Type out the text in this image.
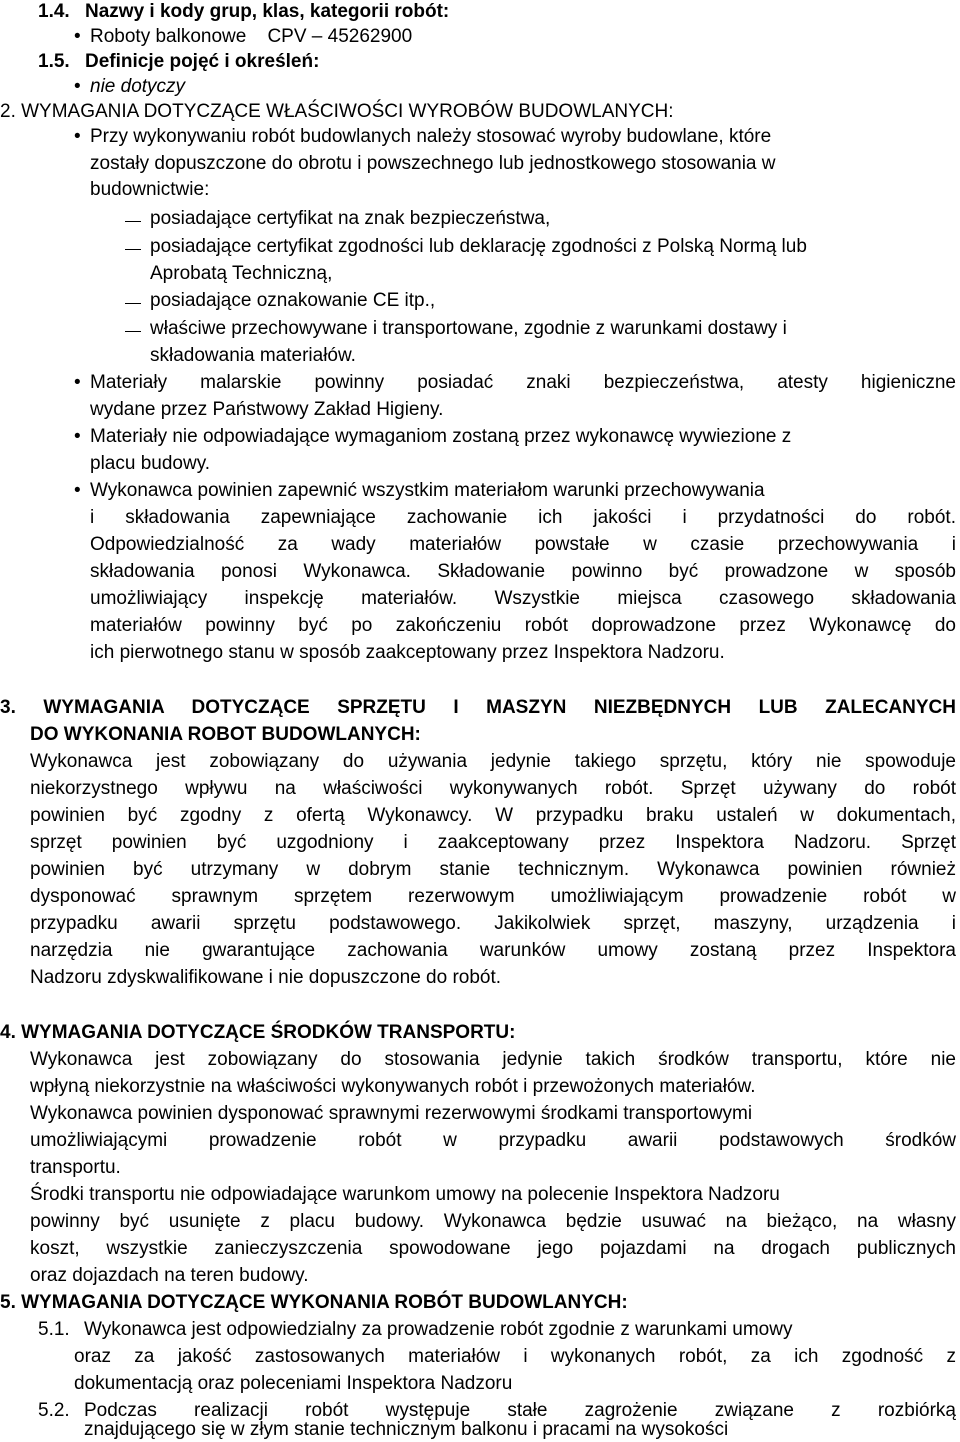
1.4. Nazwy i kody grup, klas, kategorii robót:
• Roboty balkonowe    CPV – 45262900
1.5. Definicje pojęć i określeń:
• nie dotyczy
2. WYMAGANIA DOTYCZĄCE WŁAŚCIWOŚCI WYROBÓW BUDOWLANYCH:
• Przy wykonywaniu robót budowlanych należy stosować wyroby budowlane, które
zostały dopuszczone do obrotu i powszechnego lub jednostkowego stosowania w
budownictwie:
posiadające certyfikat na znak bezpieczeństwa,
posiadające certyfikat zgodności lub deklarację zgodności z Polską Normą lub
Aprobatą Techniczną,
posiadające oznakowanie CE itp.,
właściwe przechowywane i transportowane, zgodnie z warunkami dostawy i
składowania materiałów.
• Materiały malarskie powinny posiadać znaki bezpieczeństwa, atesty higieniczne
wydane przez Państwowy Zakład Higieny.
• Materiały nie odpowiadające wymaganiom zostaną przez wykonawcę wywiezione z
placu budowy.
• Wykonawca powinien zapewnić wszystkim materiałom warunki przechowywania
i składowania zapewniające zachowanie ich jakości i przydatności do robót.
Odpowiedzialność za wady materiałów powstałe w czasie przechowywania i
składowania ponosi Wykonawca. Składowanie powinno być prowadzone w sposób
umożliwiający inspekcję materiałów. Wszystkie miejsca czasowego składowania
materiałów powinny być po zakończeniu robót doprowadzone przez Wykonawcę do
ich pierwotnego stanu w sposób zaakceptowany przez Inspektora Nadzoru.
3. WYMAGANIA DOTYCZĄCE SPRZĘTU I MASZYN NIEZBĘDNYCH LUB ZALECANYCH
DO WYKONANIA ROBOT BUDOWLANYCH:
Wykonawca jest zobowiązany do używania jedynie takiego sprzętu, który nie spowoduje
niekorzystnego wpływu na właściwości wykonywanych robót. Sprzęt używany do robót
powinien być zgodny z ofertą Wykonawcy. W przypadku braku ustaleń w dokumentach,
sprzęt powinien być uzgodniony i zaakceptowany przez Inspektora Nadzoru. Sprzęt
powinien być utrzymany w dobrym stanie technicznym. Wykonawca powinien również
dysponować sprawnym sprzętem rezerwowym umożliwiającym prowadzenie robót w
przypadku awarii sprzętu podstawowego. Jakikolwiek sprzęt, maszyny, urządzenia i
narzędzia nie gwarantujące zachowania warunków umowy zostaną przez Inspektora
Nadzoru zdyskwalifikowane i nie dopuszczone do robót.
4. WYMAGANIA DOTYCZĄCE ŚRODKÓW TRANSPORTU:
Wykonawca jest zobowiązany do stosowania jedynie takich środków transportu, które nie
wpłyną niekorzystnie na właściwości wykonywanych robót i przewożonych materiałów.
Wykonawca powinien dysponować sprawnymi rezerwowymi środkami transportowymi
umożliwiającymi prowadzenie robót w przypadku awarii podstawowych środków
transportu.
Środki transportu nie odpowiadające warunkom umowy na polecenie Inspektora Nadzoru
powinny być usunięte z placu budowy. Wykonawca będzie usuwać na bieżąco, na własny
koszt, wszystkie zanieczyszczenia spowodowane jego pojazdami na drogach publicznych
oraz dojazdach na teren budowy.
5. WYMAGANIA DOTYCZĄCE WYKONANIA ROBÓT BUDOWLANYCH:
5.1. Wykonawca jest odpowiedzialny za prowadzenie robót zgodnie z warunkami umowy
oraz za jakość zastosowanych materiałów i wykonanych robót, za ich zgodność z
dokumentacją oraz poleceniami Inspektora Nadzoru
5.2. Podczas realizacji robót występuje stałe zagrożenie związane z rozbiórką
znajdującego się w złym stanie technicznym balkonu i pracami na wysokości
